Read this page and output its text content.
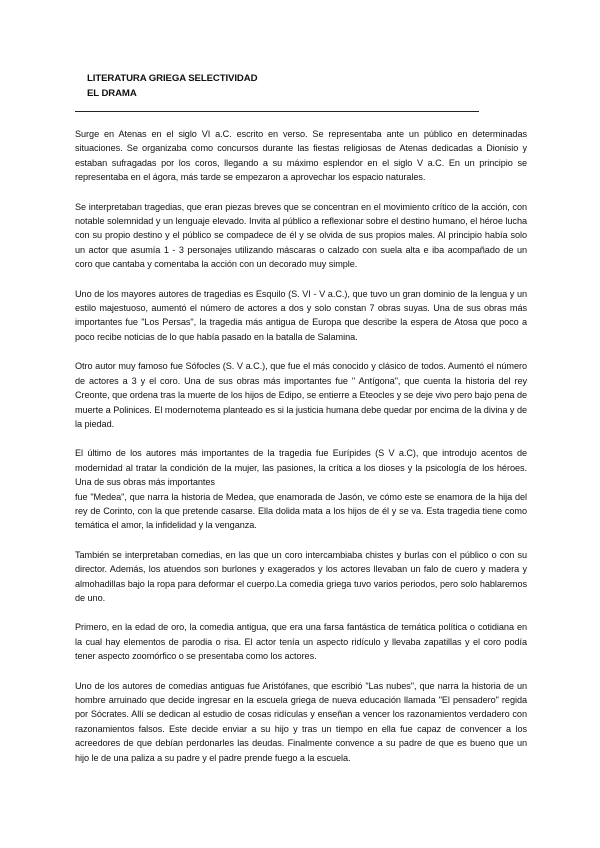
LITERATURA GRIEGA SELECTIVIDAD
EL DRAMA

Surge en Atenas en el siglo VI a.C. escrito en verso. Se representaba ante un público en determinadas situaciones. Se organizaba como concursos durante las fiestas religiosas de Atenas dedicadas a Dionisio y estaban sufragadas por los coros, llegando a su máximo esplendor en el siglo V a.C. En un principio se representaba en el ágora, más tarde se empezaron a aprovechar los espacio naturales.

Se interpretaban tragedias, que eran piezas breves que se concentran en el movimiento crítico de la acción, con notable solemnidad y un lenguaje elevado. Invita al público a reflexionar sobre el destino humano, el héroe lucha con su propio destino y el público se compadece de él y se olvida de sus propios males. Al principio había solo un actor que asumía 1 - 3 personajes utilizando máscaras o calzado con suela alta e iba acompañado de un coro que cantaba y comentaba la acción con un decorado muy simple.

Uno de los mayores autores de tragedias es Esquilo (S. VI - V a.C.), que tuvo un gran dominio de la lengua y un estilo majestuoso, aumentó el número de actores a dos y solo constan 7 obras suyas. Una de sus obras más importantes fue "Los Persas", la tragedia más antigua de Europa que describe la espera de Atosa que poco a poco recibe noticias de lo que había pasado en la batalla de Salamina.

Otro autor muy famoso fue Sófocles (S. V a.C.), que fue el más conocido y clásico de todos. Aumentó el número de actores a 3 y el coro. Una de sus obras más importantes fue " Antígona", que cuenta la historia del rey Creonte, que ordena tras la muerte de los hijos de Edipo, se entierre a Eteocles y se deje vivo pero bajo pena de muerte a Polinices. El modernotema planteado es si la justicia humana debe quedar por encima de la divina y de la piedad.

El último de los autores más importantes de la tragedia fue Eurípides (S V a.C), que introdujo acentos de modernidad al tratar la condición de la mujer, las pasiones, la crítica a los dioses y la psicología de los héroes. Una de sus obras más importantes
fue "Medea", que narra la historia de Medea, que enamorada de Jasón, ve cómo este se enamora de la hija del rey de Corinto, con la que pretende casarse. Ella dolida mata a los hijos de él y se va. Esta tragedia tiene como temática el amor, la infidelidad y la venganza.

También se interpretaban comedias, en las que un coro intercambiaba chistes y burlas con el público o con su director. Además, los atuendos son burlones y exagerados y los actores llevaban un falo de cuero y madera y almohadillas bajo la ropa para deformar el cuerpo.La comedia griega tuvo varios periodos, pero solo hablaremos de uno.

Primero, en la edad de oro, la comedia antigua, que era una farsa fantástica de temática política o cotidiana en la cual hay elementos de parodia o risa. El actor tenía un aspecto ridículo y llevaba zapatillas y el coro podía tener aspecto zoomórfico o se presentaba como los actores.

Uno de los autores de comedias antiguas fue Aristófanes, que escribió "Las nubes", que narra la historia de un hombre arruinado que decide ingresar en la escuela griega de nueva educación llamada "El pensadero" regida por Sócrates. Allí se dedican al estudio de cosas ridículas y enseñan a vencer los razonamientos verdadero con razonamientos falsos. Este decide enviar a su hijo y tras un tiempo en ella fue capaz de convencer a los acreedores de que debían perdonarles las deudas. Finalmente convence a su padre de que es bueno que un hijo le de una paliza a su padre y el padre prende fuego a la escuela.
